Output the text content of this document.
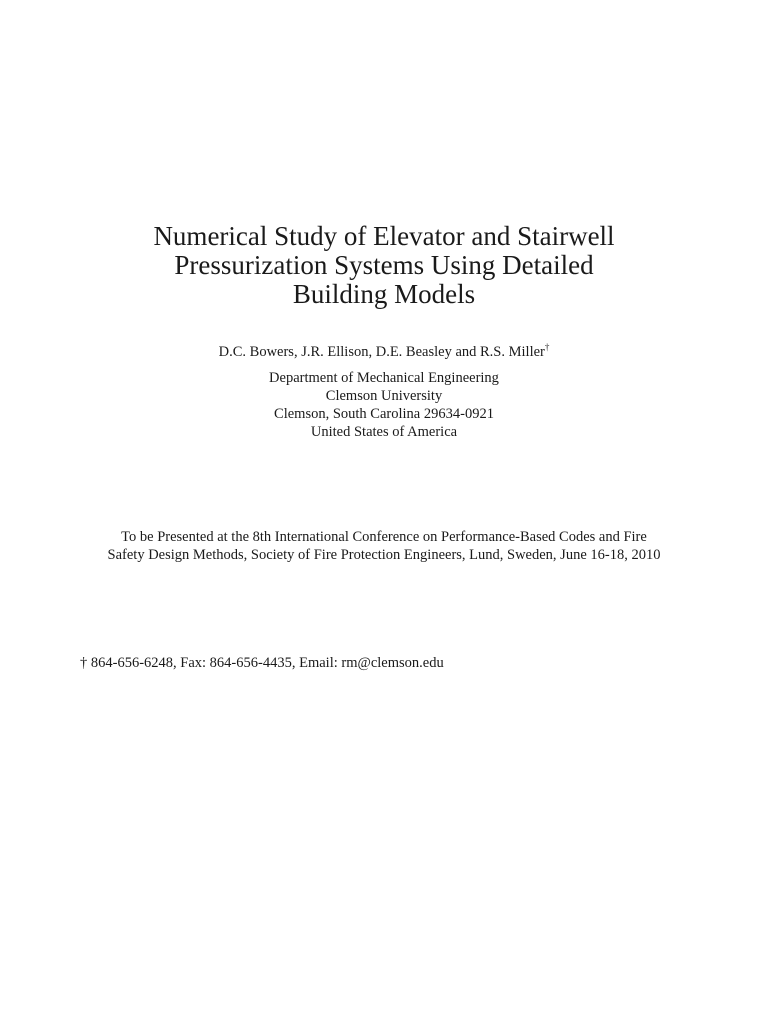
Numerical Study of Elevator and Stairwell
Pressurization Systems Using Detailed
Building Models
D.C. Bowers, J.R. Ellison, D.E. Beasley and R.S. Miller†
Department of Mechanical Engineering
Clemson University
Clemson, South Carolina 29634-0921
United States of America
To be Presented at the 8th International Conference on Performance-Based Codes and Fire
Safety Design Methods, Society of Fire Protection Engineers, Lund, Sweden, June 16-18, 2010
† 864-656-6248, Fax: 864-656-4435, Email: rm@clemson.edu
